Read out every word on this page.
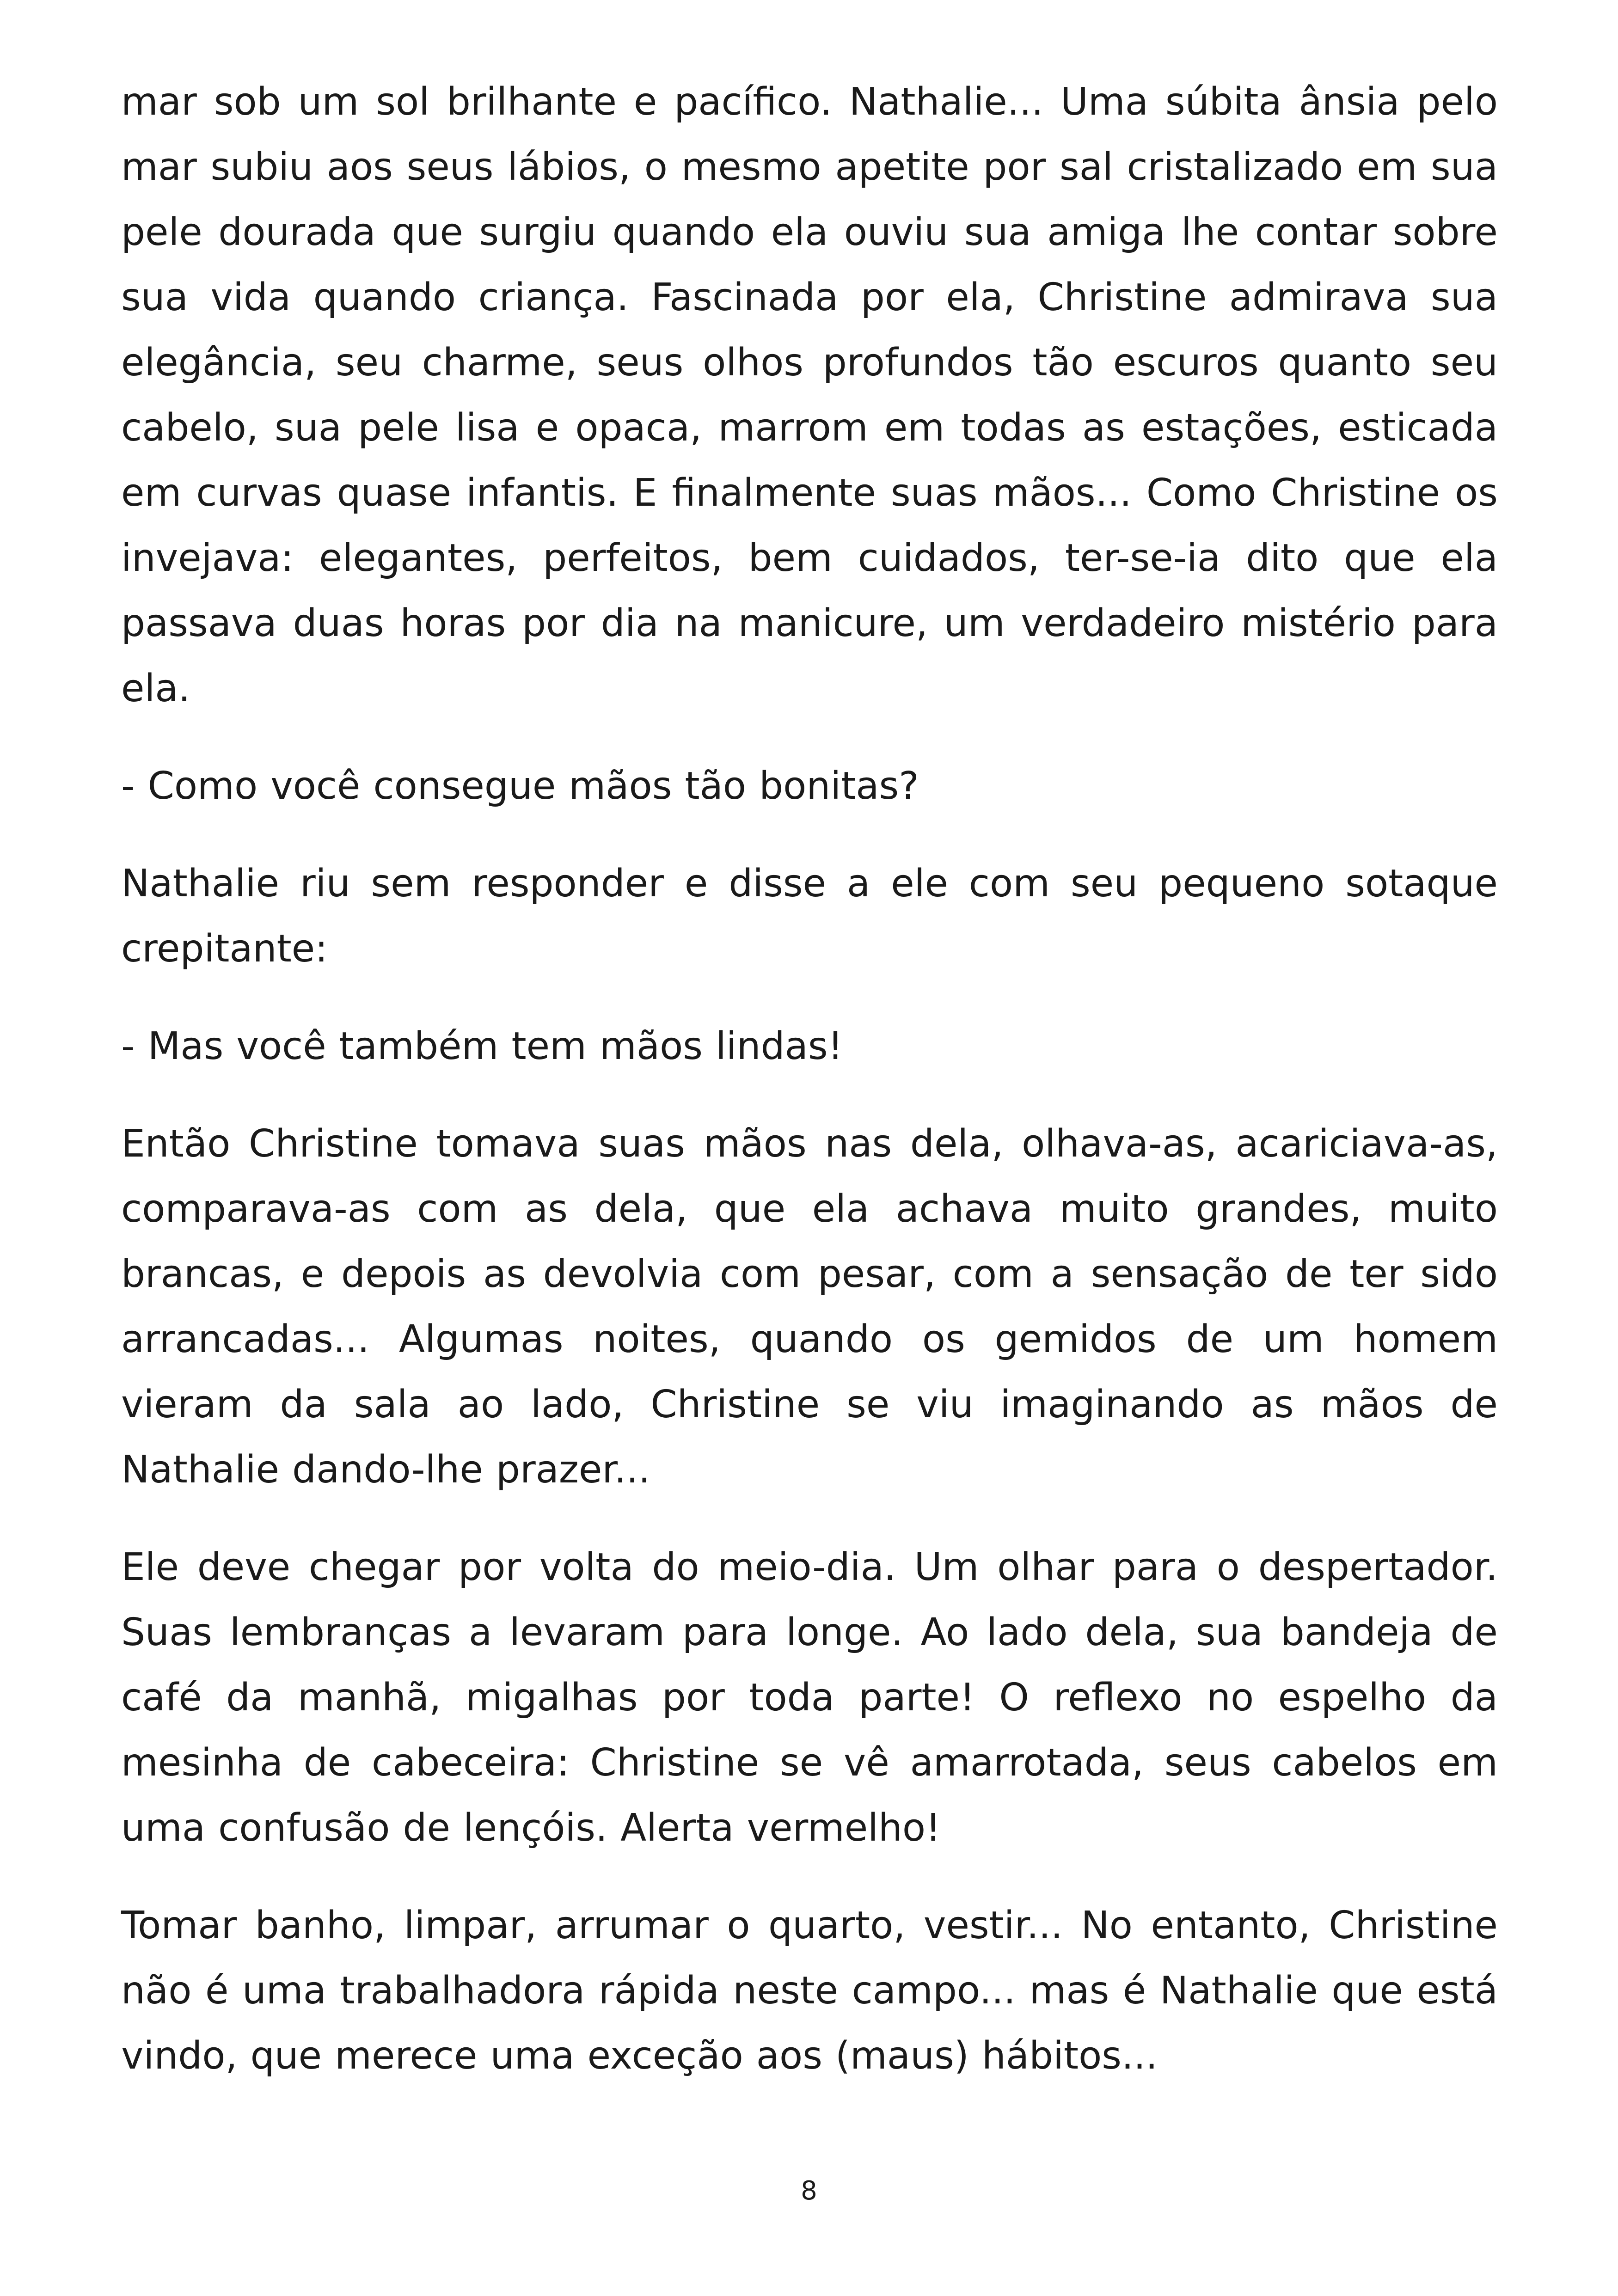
mar sob um sol brilhante e pacífico. Nathalie... Uma súbita ânsia pelo mar subiu aos seus lábios, o mesmo apetite por sal cristalizado em sua pele dourada que surgiu quando ela ouviu sua amiga lhe contar sobre sua vida quando criança. Fascinada por ela, Christine admirava sua elegância, seu charme, seus olhos profundos tão escuros quanto seu cabelo, sua pele lisa e opaca, marrom em todas as estações, esticada em curvas quase infantis. E finalmente suas mãos... Como Christine os invejava: elegantes, perfeitos, bem cuidados, ter-se-ia dito que ela passava duas horas por dia na manicure, um verdadeiro mistério para ela.

- Como você consegue mãos tão bonitas?

Nathalie riu sem responder e disse a ele com seu pequeno sotaque crepitante:

- Mas você também tem mãos lindas!

Então Christine tomava suas mãos nas dela, olhava-as, acariciava-as, comparava-as com as dela, que ela achava muito grandes, muito brancas, e depois as devolvia com pesar, com a sensação de ter sido arrancadas... Algumas noites, quando os gemidos de um homem vieram da sala ao lado, Christine se viu imaginando as mãos de Nathalie dando-lhe prazer...

Ele deve chegar por volta do meio-dia. Um olhar para o despertador. Suas lembranças a levaram para longe. Ao lado dela, sua bandeja de café da manhã, migalhas por toda parte! O reflexo no espelho da mesinha de cabeceira: Christine se vê amarrotada, seus cabelos em uma confusão de lençóis. Alerta vermelho!

Tomar banho, limpar, arrumar o quarto, vestir... No entanto, Christine não é uma trabalhadora rápida neste campo... mas é Nathalie que está vindo, que merece uma exceção aos (maus) hábitos...

8
